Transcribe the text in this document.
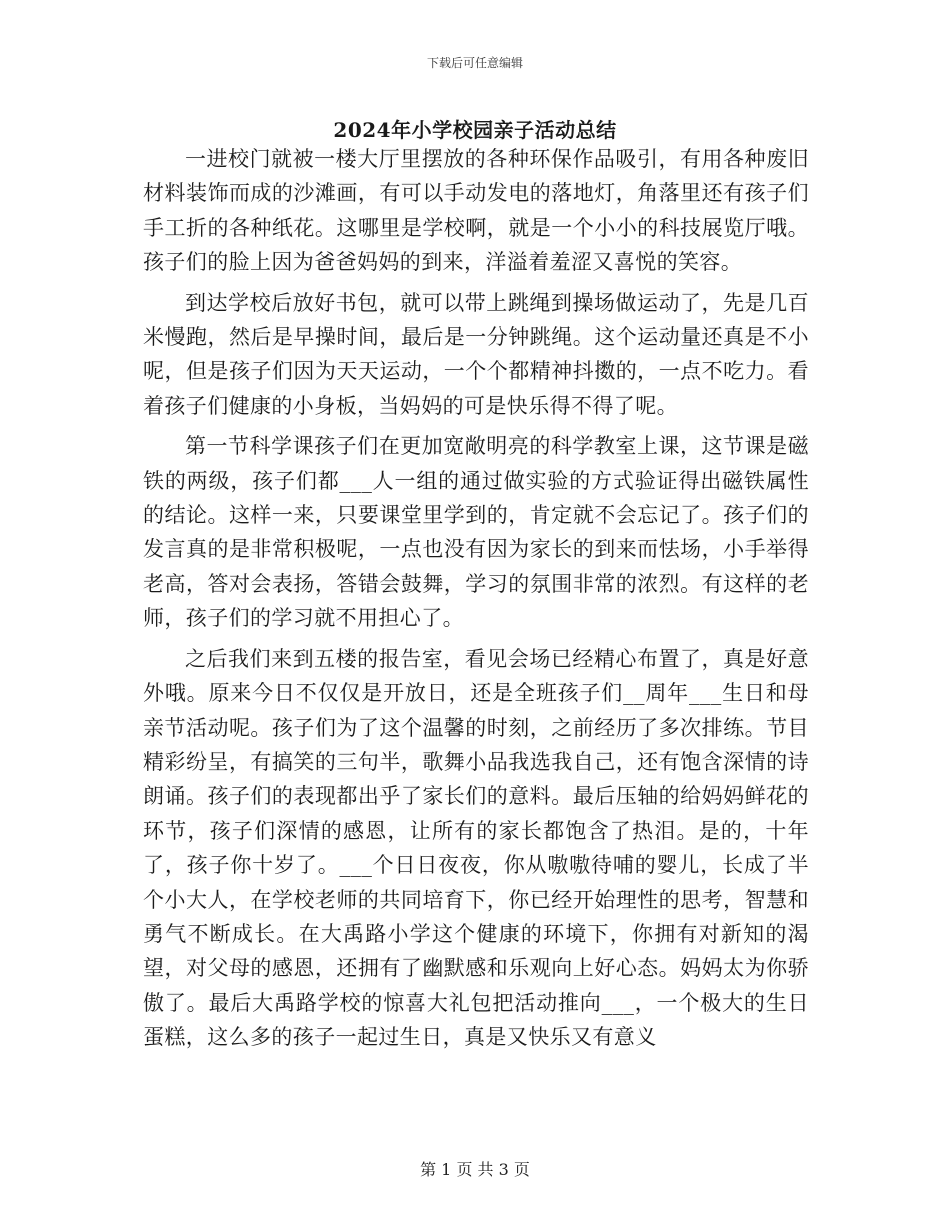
下载后可任意编辑
2024年小学校园亲子活动总结

一进校门就被一楼大厅里摆放的各种环保作品吸引，有用各种废旧材料装饰而成的沙滩画，有可以手动发电的落地灯，角落里还有孩子们手工折的各种纸花。这哪里是学校啊，就是一个小小的科技展览厅哦。孩子们的脸上因为爸爸妈妈的到来，洋溢着羞涩又喜悦的笑容。

到达学校后放好书包，就可以带上跳绳到操场做运动了，先是几百米慢跑，然后是早操时间，最后是一分钟跳绳。这个运动量还真是不小呢，但是孩子们因为天天运动，一个个都精神抖擞的，一点不吃力。看着孩子们健康的小身板，当妈妈的可是快乐得不得了呢。

第一节科学课孩子们在更加宽敞明亮的科学教室上课，这节课是磁铁的两级，孩子们都___人一组的通过做实验的方式验证得出磁铁属性的结论。这样一来，只要课堂里学到的，肯定就不会忘记了。孩子们的发言真的是非常积极呢，一点也没有因为家长的到来而怯场，小手举得老高，答对会表扬，答错会鼓舞，学习的氛围非常的浓烈。有这样的老师，孩子们的学习就不用担心了。

之后我们来到五楼的报告室，看见会场已经精心布置了，真是好意外哦。原来今日不仅仅是开放日，还是全班孩子们__周年___生日和母亲节活动呢。孩子们为了这个温馨的时刻，之前经历了多次排练。节目精彩纷呈，有搞笑的三句半，歌舞小品我选我自己，还有饱含深情的诗朗诵。孩子们的表现都出乎了家长们的意料。最后压轴的给妈妈鲜花的环节，孩子们深情的感恩，让所有的家长都饱含了热泪。是的，十年了，孩子你十岁了。___个日日夜夜，你从嗷嗷待哺的婴儿，长成了半个小大人，在学校老师的共同培育下，你已经开始理性的思考，智慧和勇气不断成长。在大禹路小学这个健康的环境下，你拥有对新知的渴望，对父母的感恩，还拥有了幽默感和乐观向上好心态。妈妈太为你骄傲了。最后大禹路学校的惊喜大礼包把活动推向___，一个极大的生日蛋糕，这么多的孩子一起过生日，真是又快乐又有意义

第 1 页 共 3 页
